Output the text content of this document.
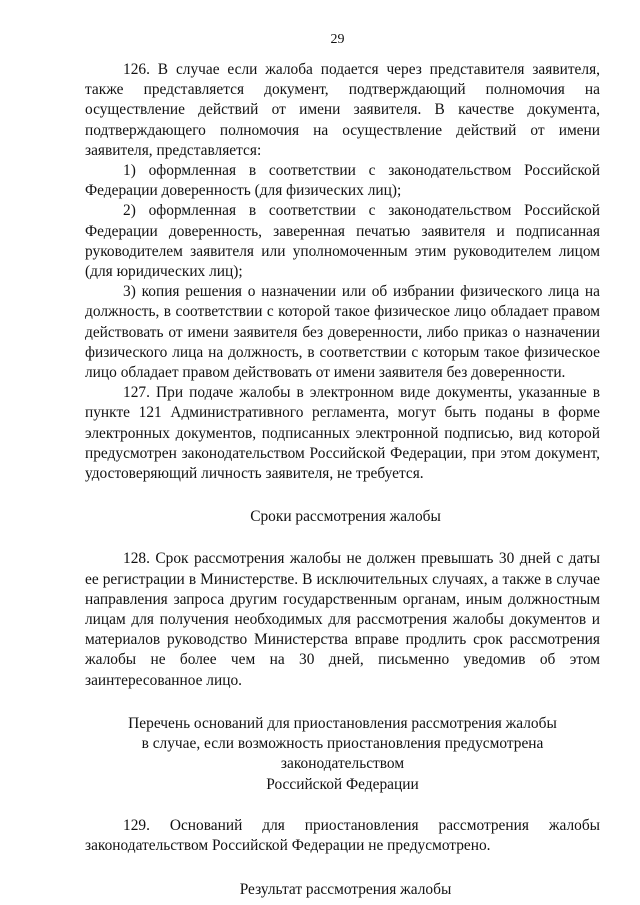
29

126. В случае если жалоба подается через представителя заявителя, также представляется документ, подтверждающий полномочия на осуществление действий от имени заявителя. В качестве документа, подтверждающего полномочия на осуществление действий от имени заявителя, представляется:

1) оформленная в соответствии с законодательством Российской Федерации доверенность (для физических лиц);

2) оформленная в соответствии с законодательством Российской Федерации доверенность, заверенная печатью заявителя и подписанная руководителем заявителя или уполномоченным этим руководителем лицом (для юридических лиц);

3) копия решения о назначении или об избрании физического лица на должность, в соответствии с которой такое физическое лицо обладает правом действовать от имени заявителя без доверенности, либо приказ о назначении физического лица на должность, в соответствии с которым такое физическое лицо обладает правом действовать от имени заявителя без доверенности.

127. При подаче жалобы в электронном виде документы, указанные в пункте 121 Административного регламента, могут быть поданы в форме электронных документов, подписанных электронной подписью, вид которой предусмотрен законодательством Российской Федерации, при этом документ, удостоверяющий личность заявителя, не требуется.

Сроки рассмотрения жалобы

128. Срок рассмотрения жалобы не должен превышать 30 дней с даты ее регистрации в Министерстве. В исключительных случаях, а также в случае направления запроса другим государственным органам, иным должностным лицам для получения необходимых для рассмотрения жалобы документов и материалов руководство Министерства вправе продлить срок рассмотрения жалобы не более чем на 30 дней, письменно уведомив об этом заинтересованное лицо.

Перечень оснований для приостановления рассмотрения жалобы
в случае, если возможность приостановления предусмотрена законодательством
Российской Федерации

129. Оснований для приостановления рассмотрения жалобы законодательством Российской Федерации не предусмотрено.

Результат рассмотрения жалобы
